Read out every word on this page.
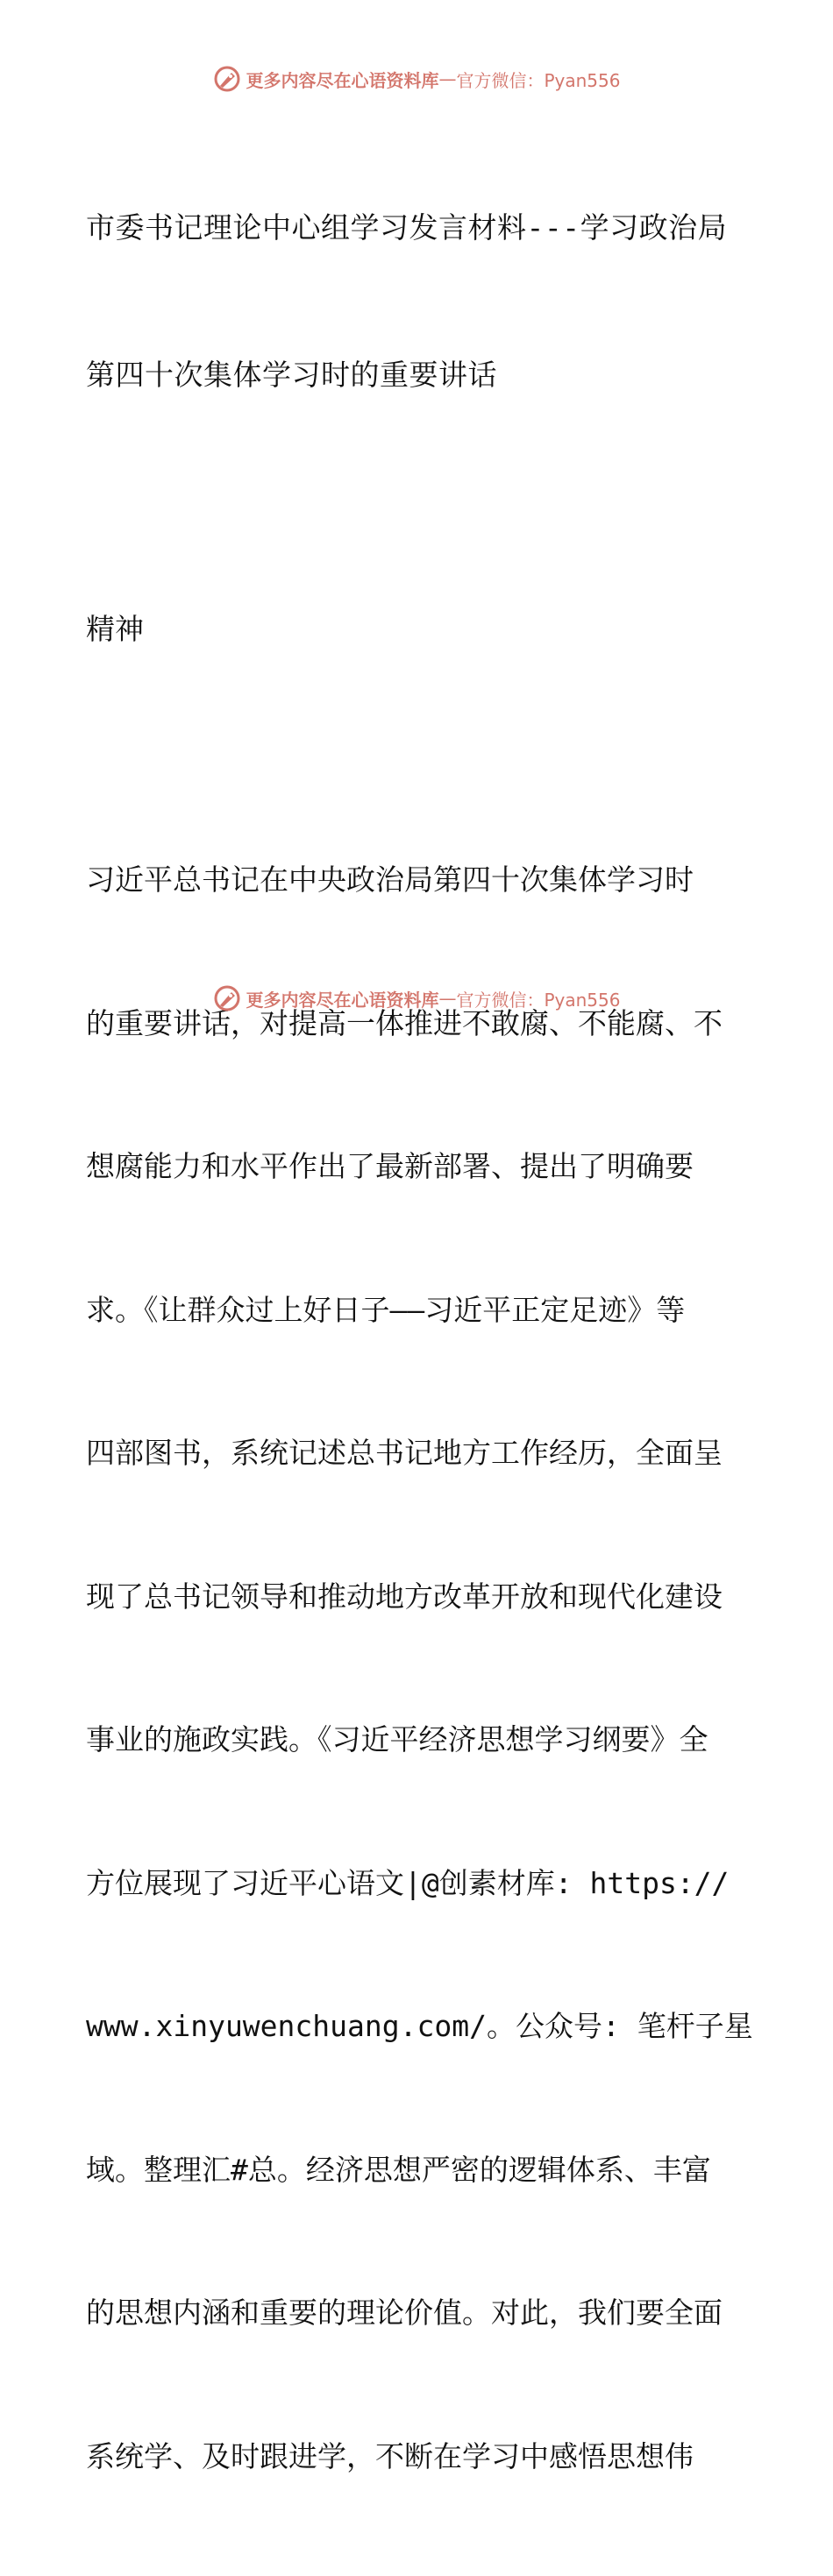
更多内容尽在心语资料库 — 官方微信：Pyan556

市委书记理论中心组学习发言材料---学习政治局

第四十次集体学习时的重要讲话

精神

习近平总书记在中央政治局第四十次集体学习时

的重要讲话，对提高一体推进不敢腐、不能腐、不

想腐能力和水平作出了最新部署、提出了明确要

求。《让群众过上好日子——习近平正定足迹》等

四部图书，系统记述总书记地方工作经历，全面呈

现了总书记领导和推动地方改革开放和现代化建设

事业的施政实践。《习近平经济思想学习纲要》全

方位展现了习近平心语文|@创素材库: https://

www.xinyuwenchuang.com/。公众号: 笔杆子星

域。整理汇#总。经济思想严密的逻辑体系、丰富

的思想内涵和重要的理论价值。对此，我们要全面

系统学、及时跟进学，不断在学习中感悟思想伟

更多内容尽在心语资料库 — 官方微信：Pyan556
